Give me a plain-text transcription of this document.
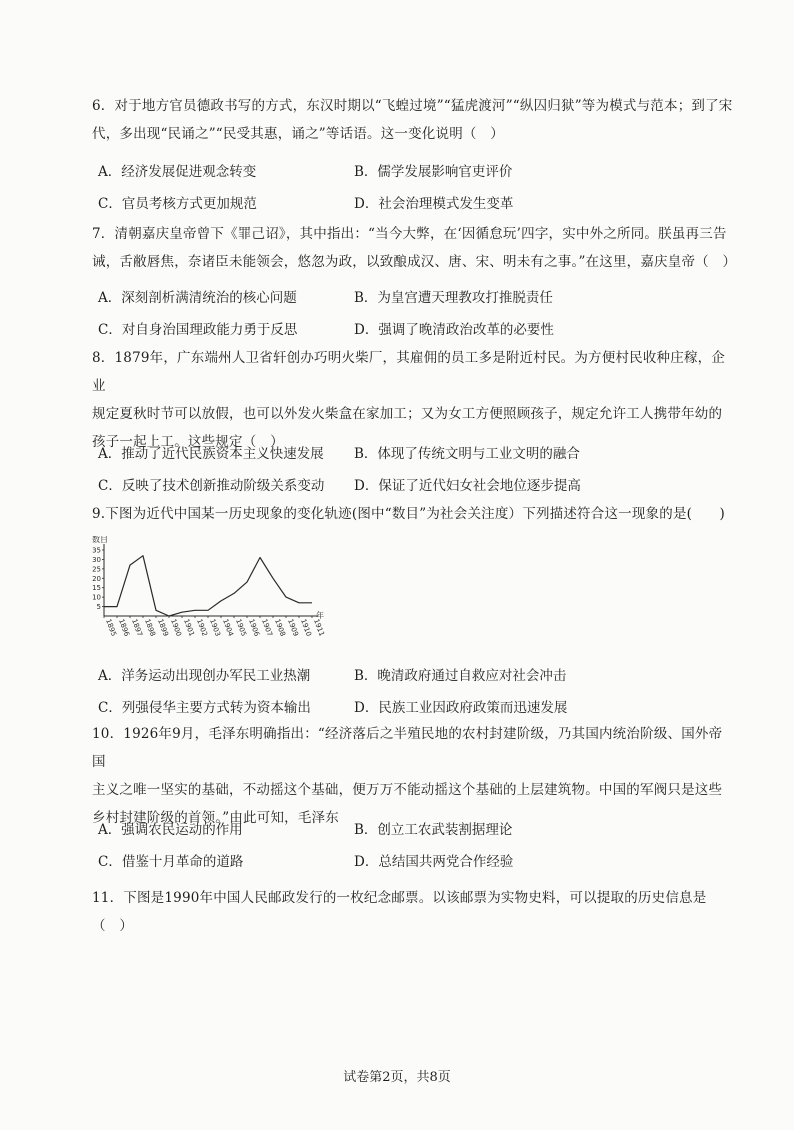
6．对于地方官员德政书写的方式，东汉时期以“飞蝗过境”“猛虎渡河”“纵囚归狱”等为模式与范本；到了宋

代，多出现“民诵之”“民受其惠，诵之”等话语。这一变化说明（　）

A．经济发展促进观念转变	B．儒学发展影响官吏评价
C．官员考核方式更加规范	D．社会治理模式发生变革

7．清朝嘉庆皇帝曾下《罪己诏》，其中指出：“当今大弊，在‘因循怠玩’四字，实中外之所同。朕虽再三告

诫，舌敝唇焦，奈诸臣未能领会，悠忽为政，以致酿成汉、唐、宋、明未有之事。”在这里，嘉庆皇帝（　）

A．深刻剖析满清统治的核心问题	B．为皇宫遭天理教攻打推脱责任
C．对自身治国理政能力勇于反思	D．强调了晚清政治改革的必要性

8．1879年，广东端州人卫省轩创办巧明火柴厂，其雇佣的员工多是附近村民。为方便村民收种庄稼，企业

规定夏秋时节可以放假，也可以外发火柴盒在家加工；又为女工方便照顾孩子，规定允许工人携带年幼的

孩子一起上工。这些规定（　）

A．推动了近代民族资本主义快速发展 B．体现了传统文明与工业文明的融合
C．反映了技术创新推动阶级关系变动 D．保证了近代妇女社会地位逐步提高

9.下图为近代中国某一历史现象的变化轨迹(图中“数目”为社会关注度）下列描述符合这一现象的是(　　)

5
10
15
20
25
30
35
数目
1895 1896 1897 1898 1899 1900 1901 1902 1903 1904 1905 1906 1907 1908 1909 1910 1911
年
A．洋务运动出现创办军民工业热潮	B．晚清政府通过自救应对社会冲击
C．列强侵华主要方式转为资本输出	D．民族工业因政府政策而迅速发展

10．1926年9月，毛泽东明确指出：“经济落后之半殖民地的农村封建阶级，乃其国内统治阶级、国外帝国

主义之唯一坚实的基础，不动摇这个基础，便万万不能动摇这个基础的上层建筑物。中国的军阀只是这些

乡村封建阶级的首领。”由此可知，毛泽东

A．强调农民运动的作用	B．创立工农武装割据理论
C．借鉴十月革命的道路	D．总结国共两党合作经验

11．下图是1990年中国人民邮政发行的一枚纪念邮票。以该邮票为实物史料，可以提取的历史信息是（　）

试卷第2页，共8页
